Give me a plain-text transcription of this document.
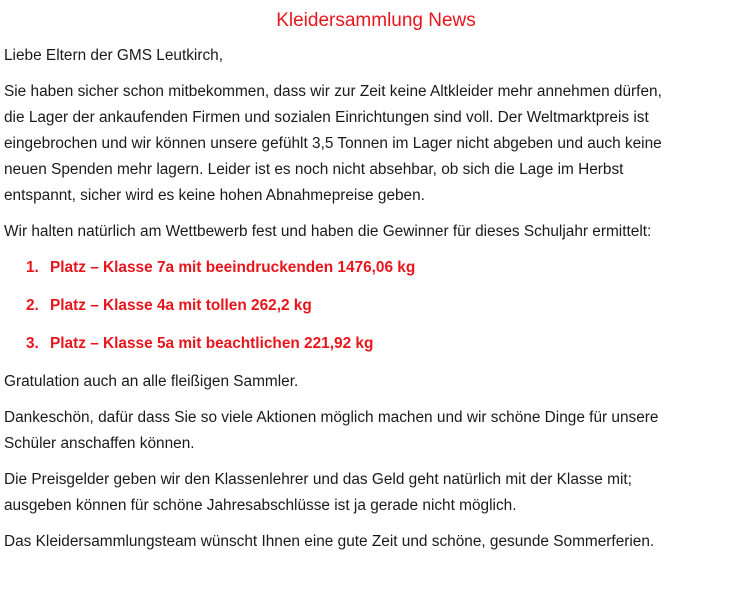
Kleidersammlung News

Liebe Eltern der GMS Leutkirch,

Sie haben sicher schon mitbekommen, dass wir zur Zeit keine Altkleider mehr annehmen dürfen,

die Lager der ankaufenden Firmen und sozialen Einrichtungen sind voll. Der Weltmarktpreis ist

eingebrochen und wir können unsere gefühlt 3,5 Tonnen im Lager nicht abgeben und auch keine

neuen Spenden mehr lagern. Leider ist es noch nicht absehbar, ob sich die Lage im Herbst

entspannt, sicher wird es keine hohen Abnahmepreise geben.

Wir halten natürlich am Wettbewerb fest und haben die Gewinner für dieses Schuljahr ermittelt:

1. Platz – Klasse 7a mit beeindruckenden 1476,06 kg
2. Platz – Klasse 4a mit tollen 262,2 kg
3. Platz – Klasse 5a mit beachtlichen 221,92 kg

Gratulation auch an alle fleißigen Sammler.

Dankeschön, dafür dass Sie so viele Aktionen möglich machen und wir schöne Dinge für unsere

Schüler anschaffen können.

Die Preisgelder geben wir den Klassenlehrer und das Geld geht natürlich mit der Klasse mit;

ausgeben können für schöne Jahresabschlüsse ist ja gerade nicht möglich.

Das Kleidersammlungsteam wünscht Ihnen eine gute Zeit und schöne, gesunde Sommerferien.
